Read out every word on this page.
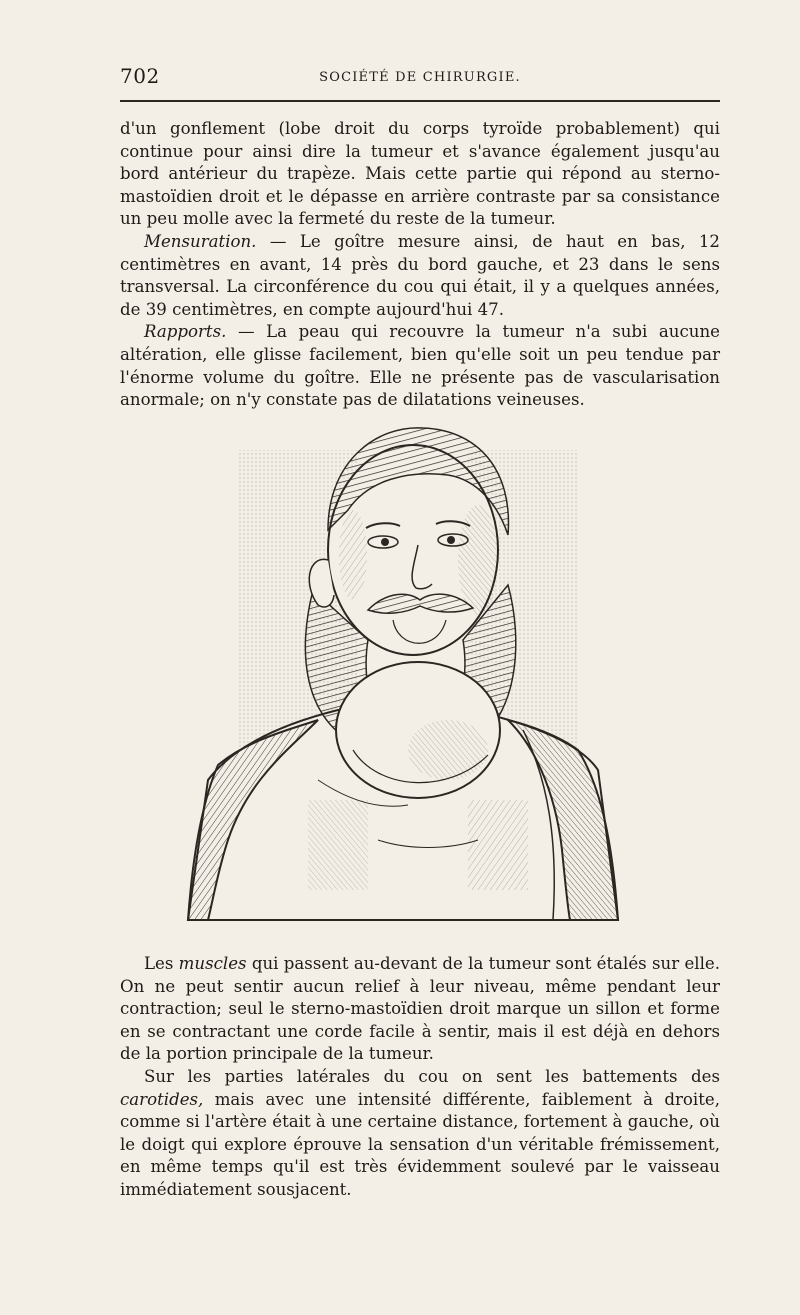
702	SOCIÉTÉ DE CHIRURGIE.

d'un gonflement (lobe droit du corps tyroïde probablement) qui continue pour ainsi dire la tumeur et s'avance également jusqu'au bord antérieur du trapèze. Mais cette partie qui répond au sterno-mastoïdien droit et le dépasse en arrière contraste par sa consistance un peu molle avec la fermeté du reste de la tumeur.

Mensuration. — Le goître mesure ainsi, de haut en bas, 12 centimètres en avant, 14 près du bord gauche, et 23 dans le sens transversal. La circonférence du cou qui était, il y a quelques années, de 39 centimètres, en compte aujourd'hui 47.

Rapports. — La peau qui recouvre la tumeur n'a subi aucune altération, elle glisse facilement, bien qu'elle soit un peu tendue par l'énorme volume du goître. Elle ne présente pas de vascularisation anormale; on n'y constate pas de dilatations veineuses.

Les muscles qui passent au-devant de la tumeur sont étalés sur elle. On ne peut sentir aucun relief à leur niveau, même pendant leur contraction; seul le sterno-mastoïdien droit marque un sillon et forme en se contractant une corde facile à sentir, mais il est déjà en dehors de la portion principale de la tumeur.

Sur les parties latérales du cou on sent les battements des carotides, mais avec une intensité différente, faiblement à droite, comme si l'artère était à une certaine distance, fortement à gauche, où le doigt qui explore éprouve la sensation d'un véritable frémissement, en même temps qu'il est très évidemment soulevé par le vaisseau immédiatement sousjacent.
